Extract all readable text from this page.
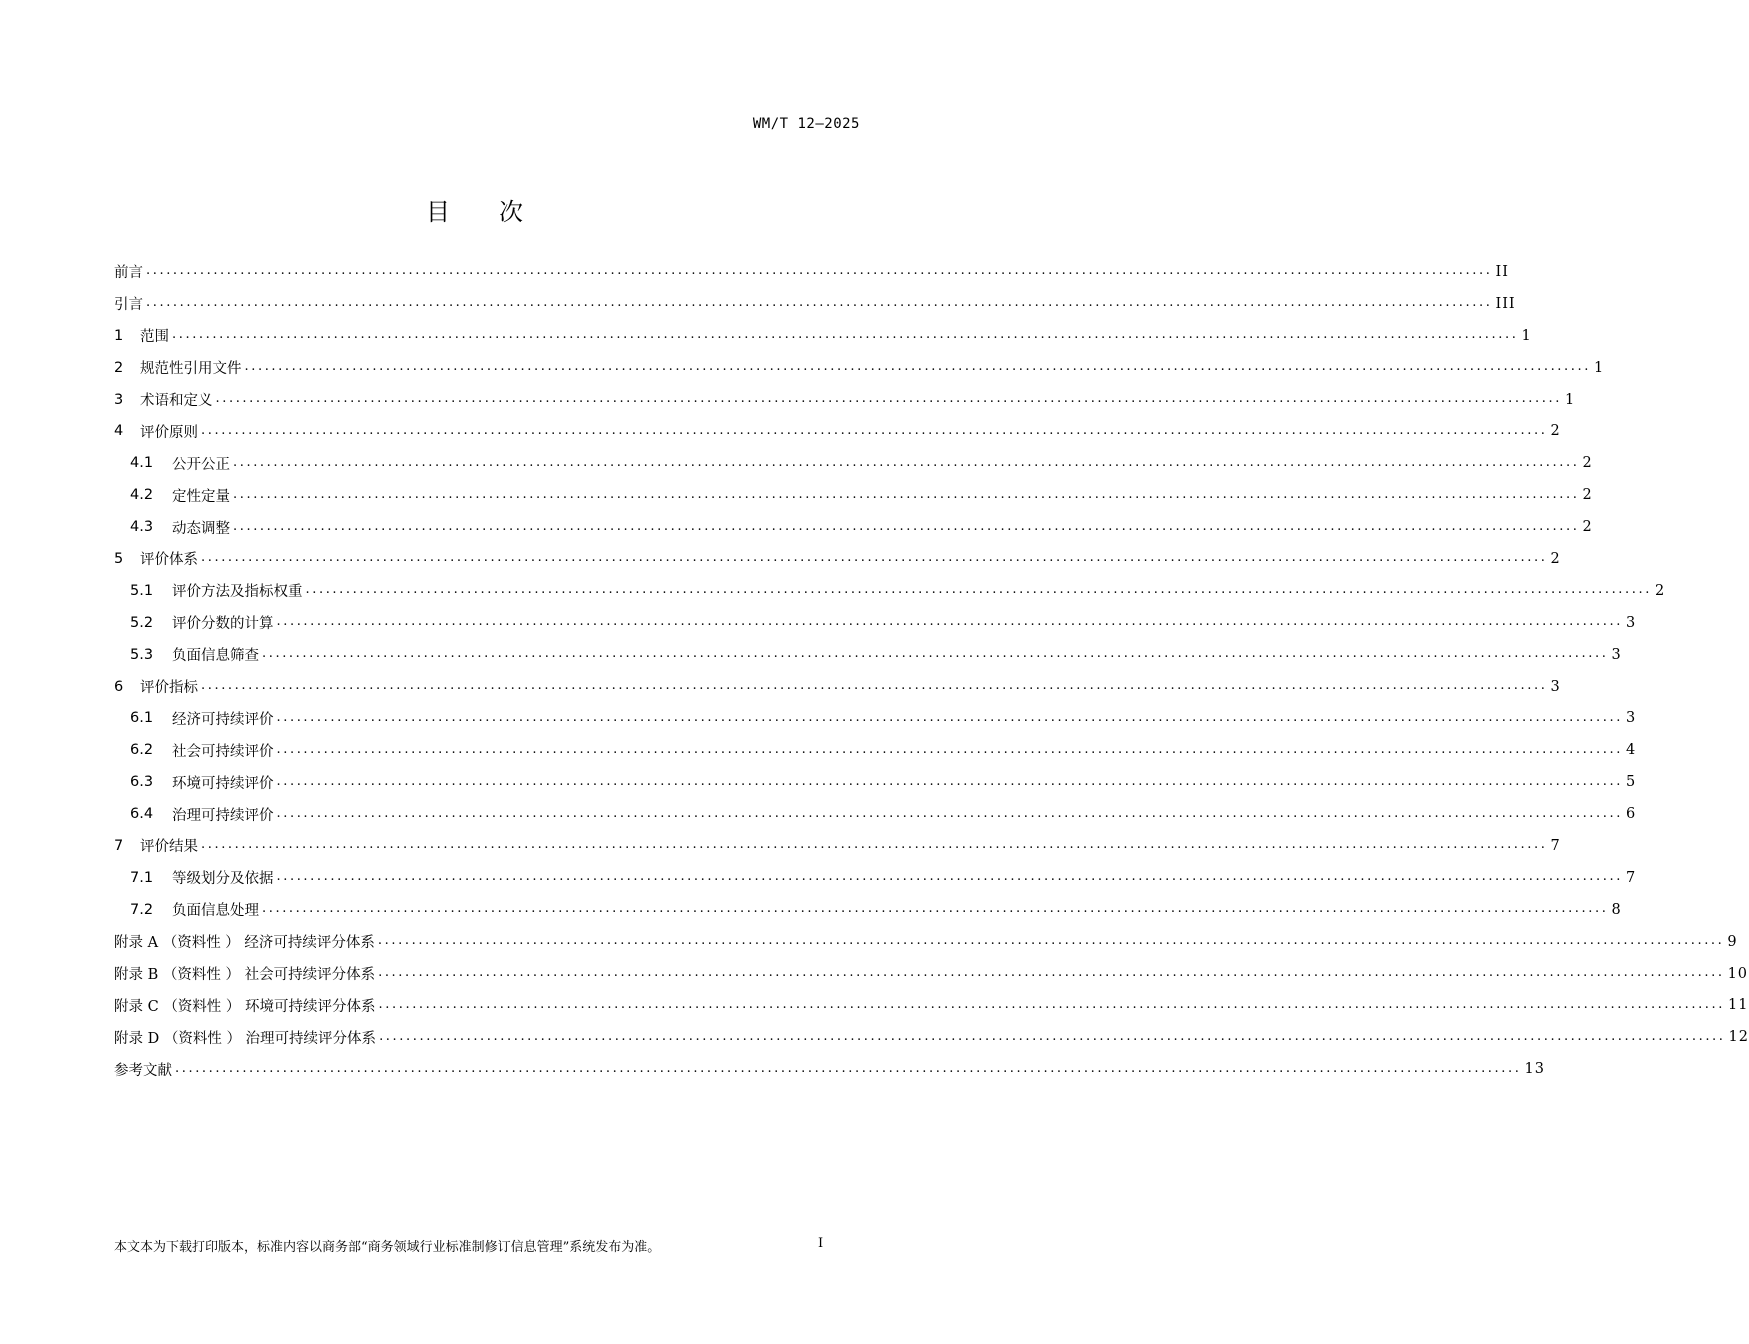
WM/T 12—2025
目 次
前言 ........................................................................................................................................................................................................ II
引言 ........................................................................................................................................................................................................ III
1 范围 ........................................................................................................................................................................................................ 1
2 规范性引用文件 ........................................................................................................................................................................................................ 1
3 术语和定义 ........................................................................................................................................................................................................ 1
4 评价原则 ........................................................................................................................................................................................................ 2
4.1	公开公正 ........................................................................................................................................................................................................ 2
4.2	定性定量 ........................................................................................................................................................................................................ 2
4.3	动态调整 ........................................................................................................................................................................................................ 2
5 评价体系 ........................................................................................................................................................................................................ 2
5.1	评价方法及指标权重 ........................................................................................................................................................................................................ 2
5.2	评价分数的计算 ........................................................................................................................................................................................................ 3
5.3	负面信息筛查 ........................................................................................................................................................................................................ 3
6 评价指标 ........................................................................................................................................................................................................ 3
6.1	经济可持续评价 ........................................................................................................................................................................................................ 3
6.2	社会可持续评价 ........................................................................................................................................................................................................ 4
6.3	环境可持续评价 ........................................................................................................................................................................................................ 5
6.4	治理可持续评价 ........................................................................................................................................................................................................ 6
7 评价结果 ........................................................................................................................................................................................................ 7
7.1	等级划分及依据 ........................................................................................................................................................................................................ 7
7.2	负面信息处理 ........................................................................................................................................................................................................ 8
附录 A （资料性 ） 经济可持续评分体系 ........................................................................................................................................................................................................ 9
附录 B （资料性 ） 社会可持续评分体系 ........................................................................................................................................................................................................ 10
附录 C （资料性 ） 环境可持续评分体系 ........................................................................................................................................................................................................ 11
附录 D （资料性 ） 治理可持续评分体系 ........................................................................................................................................................................................................ 12
参考文献 ........................................................................................................................................................................................................ 13
本文本为下载打印版本，标准内容以商务部“商务领域行业标准制修订信息管理”系统发布为准。	I
